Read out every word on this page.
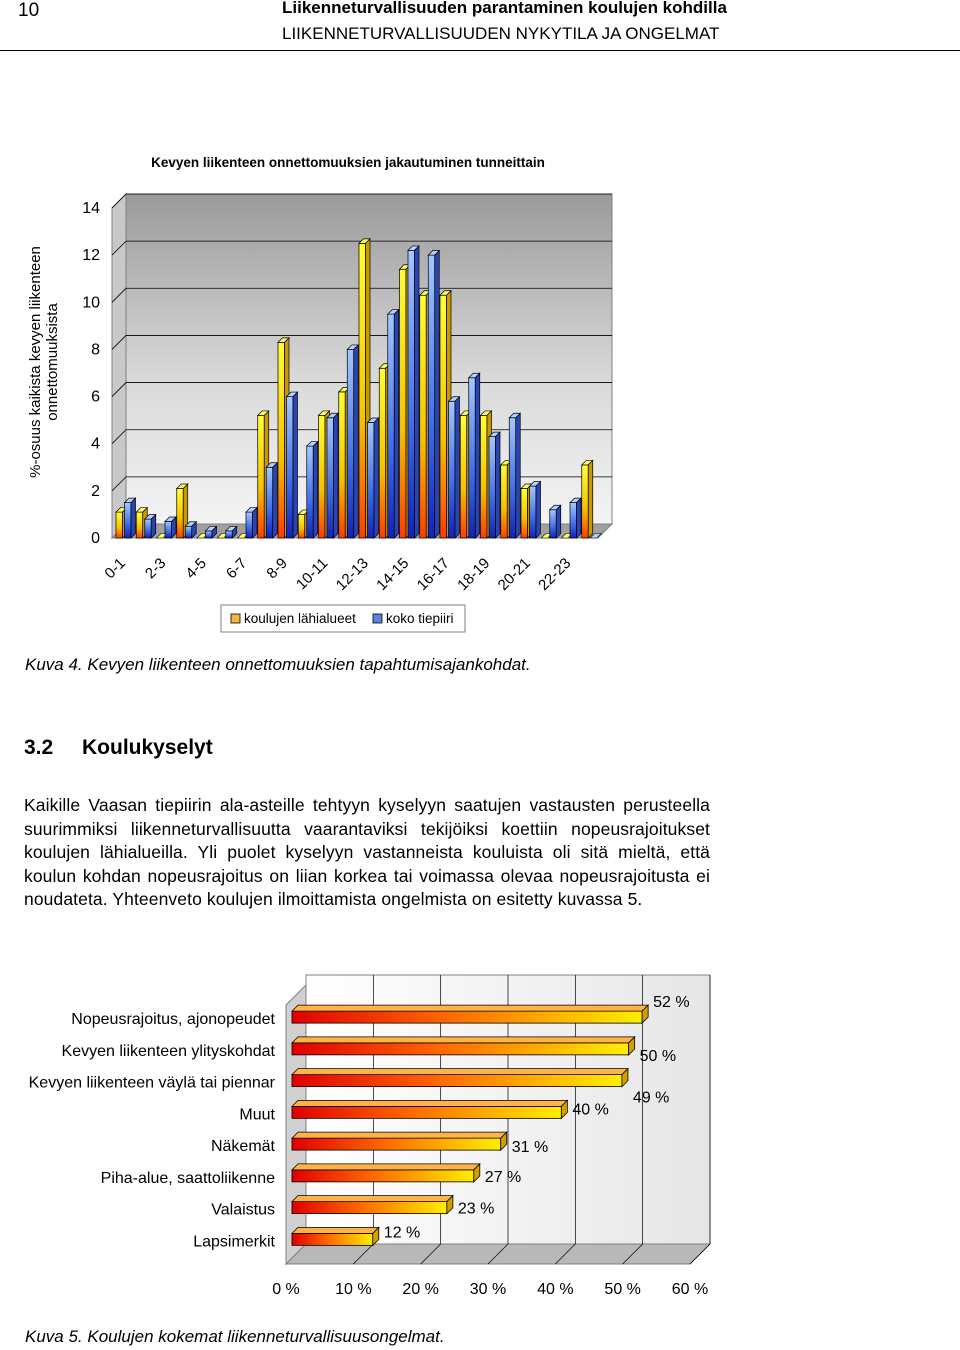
10	Liikenneturvallisuuden parantaminen koulujen kohdilla
LIIKENNETURVALLISUUDEN NYKYTILA JA ONGELMAT
Kevyen liikenteen onnettomuuksien jakautuminen tunneittain
%-osuus kaikista kevyen liikenteen onnettomuuksista
0
2
4
6
8
10
12
14
0-1 2-3 4-5 6-7 8-9 10-11 12-13 14-15 16-17 18-19 20-21 22-23
koulujen lähialueet koko tiepiiri
Kuva 4. Kevyen liikenteen onnettomuuksien tapahtumisajankohdat.
3.2 Koulukyselyt
Kaikille Vaasan tiepiirin ala-asteille tehtyyn kyselyyn saatujen vastausten perusteella suurimmiksi liikenneturvallisuutta vaarantaviksi tekijöiksi koettiin nopeusrajoitukset koulujen lähialueilla. Yli puolet kyselyyn vastanneista kouluista oli sitä mieltä, että koulun kohdan nopeusrajoitus on liian korkea tai voimassa olevaa nopeusrajoitusta ei noudateta. Yhteenveto koulujen ilmoittamista ongelmista on esitetty kuvassa 5.
0 % 10 % 20 % 30 % 40 % 50 % 60 %
Nopeusrajoitus, ajonopeudet
52 %
Kevyen liikenteen ylityskohdat	50 %
Kevyen liikenteen väylä tai piennar
49 %
Muut	40 %
Näkemät	31 %
Piha-alue, saattoliikenne	27 %
Valaistus	23 %
Lapsimerkit
12 %
Kuva 5. Koulujen kokemat liikenneturvallisuusongelmat.
